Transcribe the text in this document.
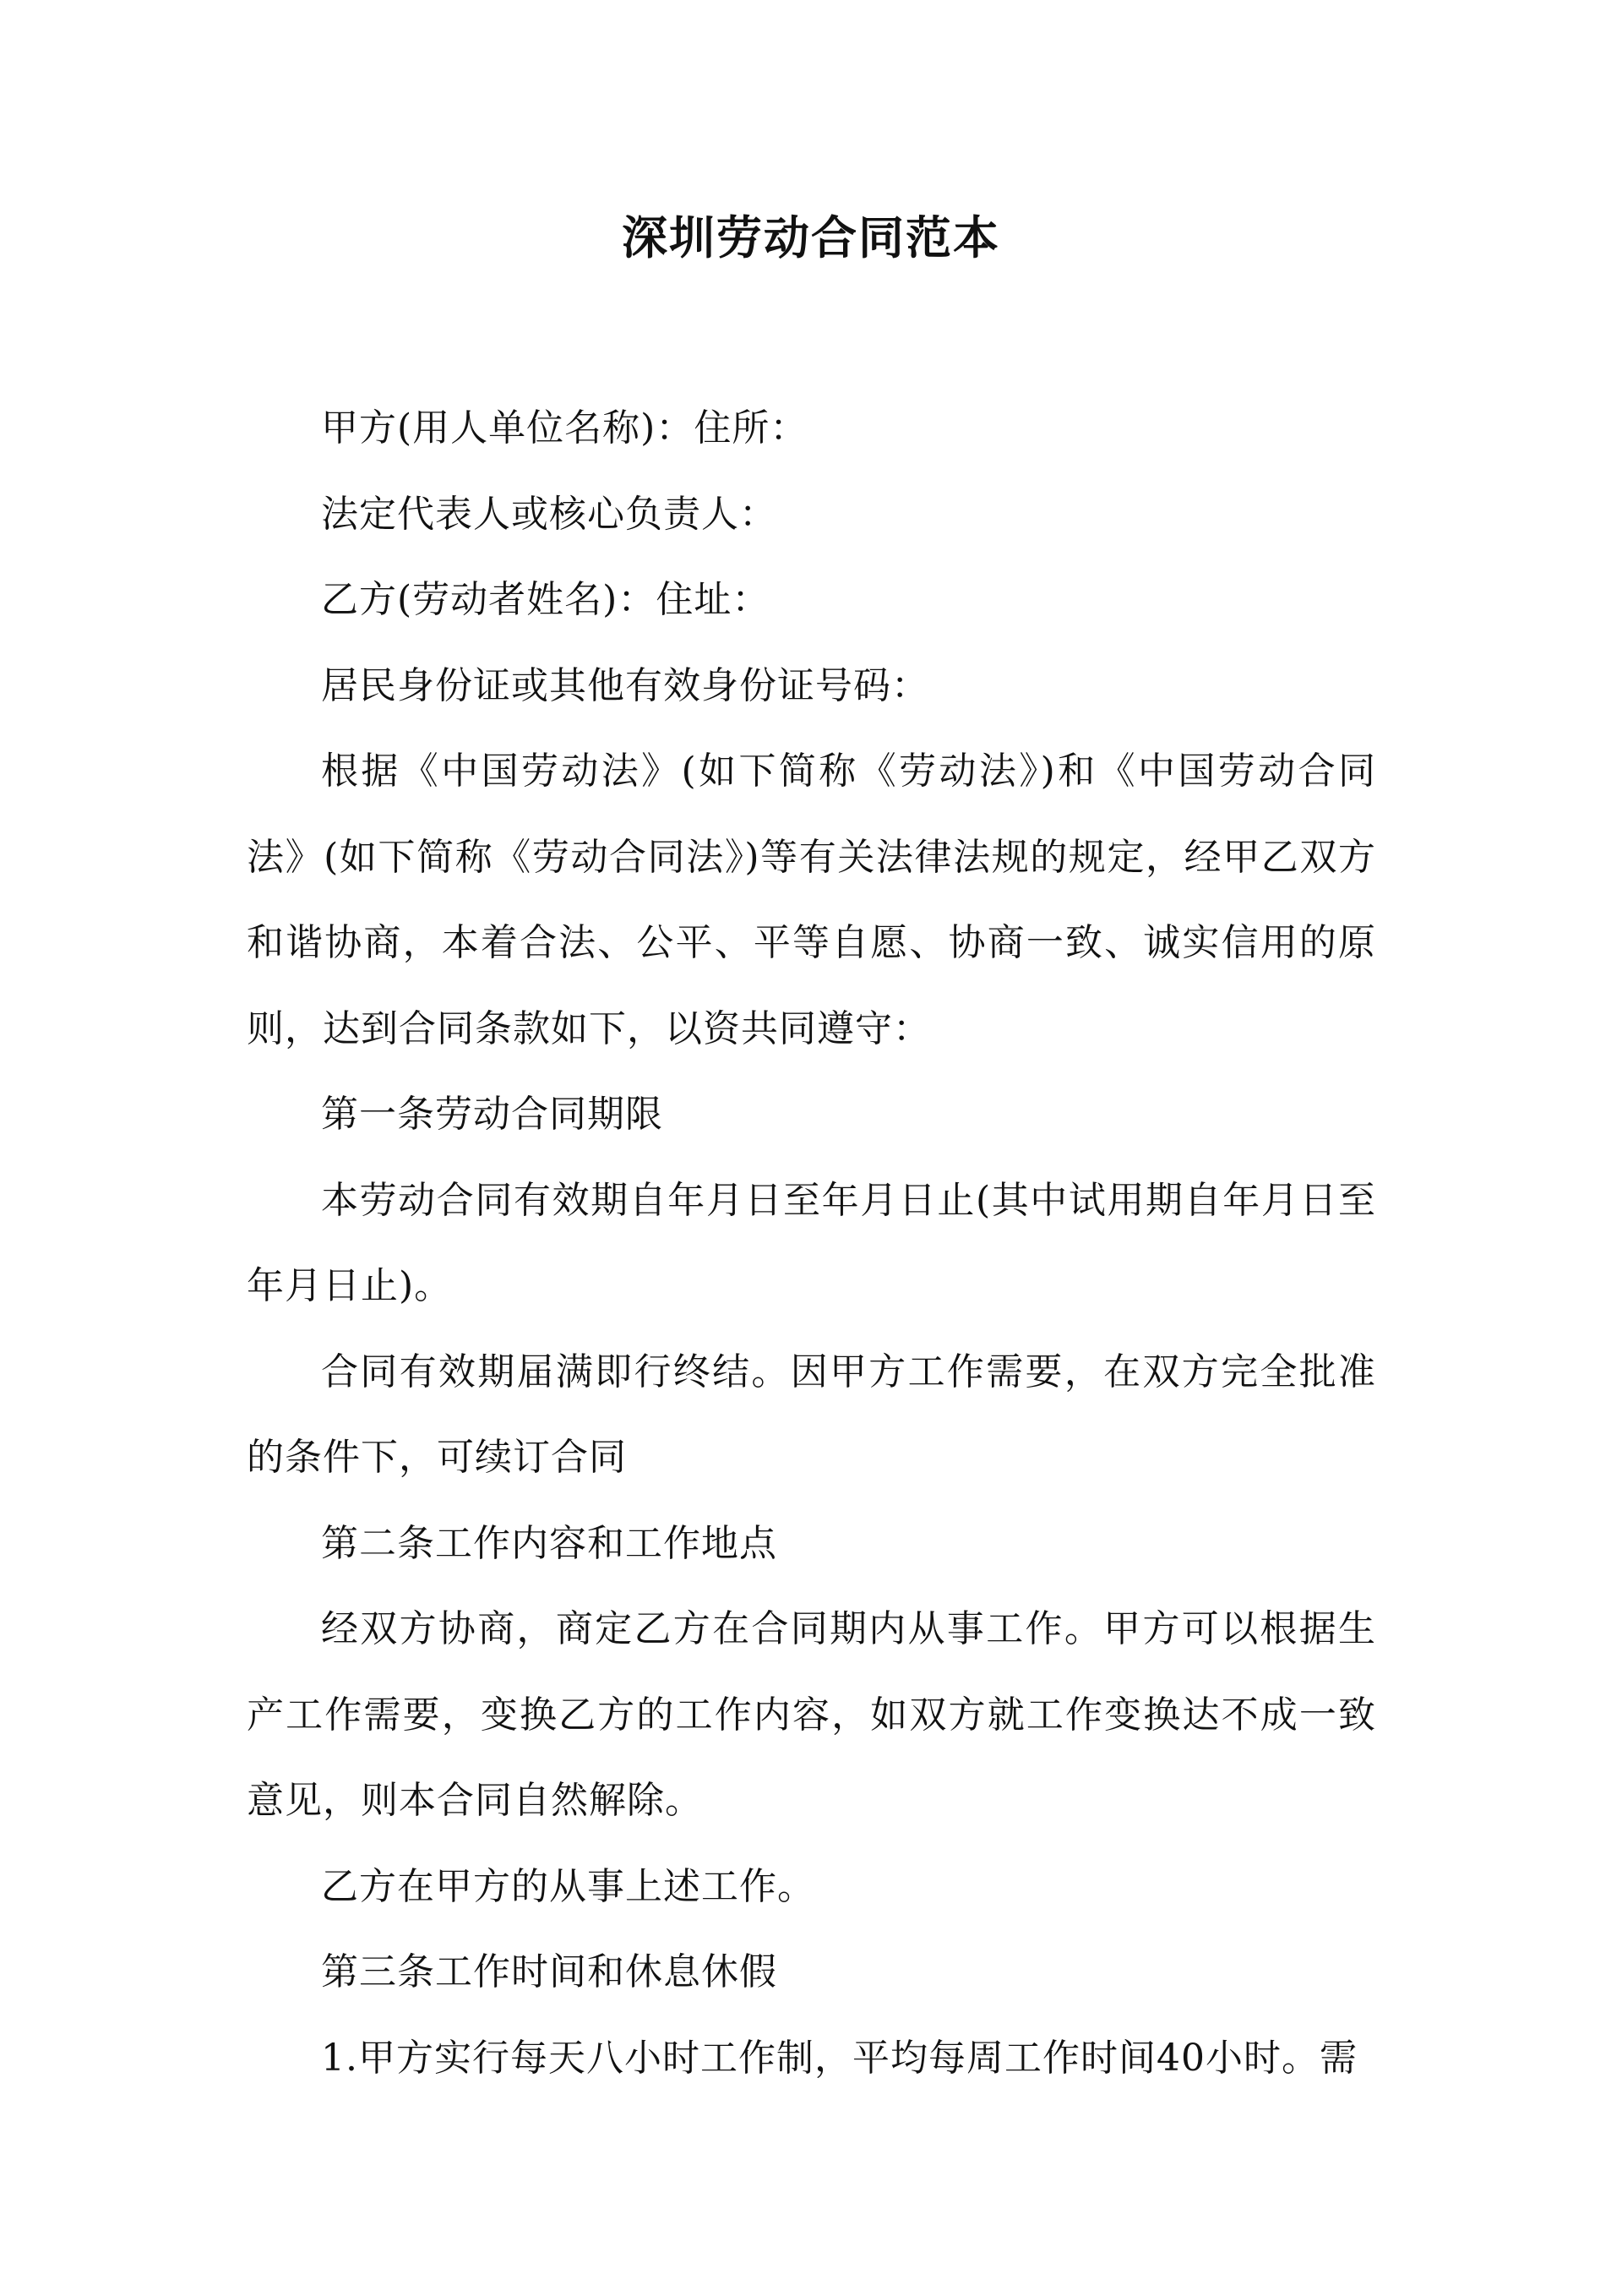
深圳劳动合同范本

甲方(用人单位名称)：住所：

法定代表人或核心负责人：

乙方(劳动者姓名)：住址：

居民身份证或其他有效身份证号码：

根据《中国劳动法》(如下简称《劳动法》)和《中国劳动合同法》(如下简称《劳动合同法》)等有关法律法规的规定，经甲乙双方和谐协商，本着合法、公平、平等自愿、协商一致、诚实信用的原则，达到合同条款如下，以资共同遵守：

第一条劳动合同期限

本劳动合同有效期自年月日至年月日止(其中试用期自年月日至年月日止)。

合同有效期届满即行终结。因甲方工作需要，在双方完全批准的条件下，可续订合同

第二条工作内容和工作地点

经双方协商，商定乙方在合同期内从事工作。甲方可以根据生产工作需要，变换乙方的工作内容，如双方就工作变换达不成一致意见，则本合同自然解除。

乙方在甲方的从事上述工作。

第三条工作时间和休息休假

1.甲方实行每天八小时工作制，平均每周工作时间40小时。需
